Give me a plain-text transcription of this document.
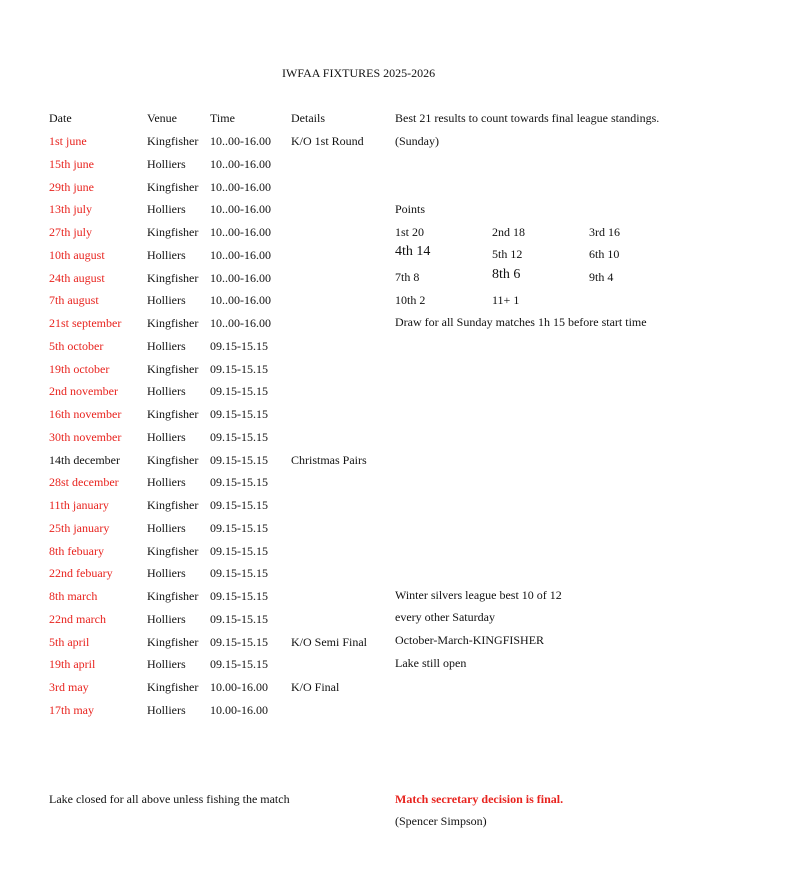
IWFAA FIXTURES 2025-2026
Date	Venue	Time	Details
1st june	Kingfisher 10..00-16.00 K/O 1st Round
15th june	Holliers 10..00-16.00
29th june	Kingfisher 10..00-16.00
13th july	Holliers 10..00-16.00
27th july	Kingfisher 10..00-16.00
10th august	Holliers 10..00-16.00
24th august	Kingfisher 10..00-16.00
7th august	Holliers 10..00-16.00
21st september Kingfisher 10..00-16.00
5th october	Holliers 09.15-15.15
19th october	Kingfisher 09.15-15.15
2nd november Holliers 09.15-15.15
16th november Kingfisher 09.15-15.15
30th november Holliers 09.15-15.15
14th december Kingfisher 09.15-15.15 Christmas Pairs
28st december Holliers 09.15-15.15
11th january	Kingfisher 09.15-15.15
25th january	Holliers 09.15-15.15
8th febuary	Kingfisher 09.15-15.15
22nd febuary	Holliers 09.15-15.15
8th march	Kingfisher 09.15-15.15
22nd march	Holliers 09.15-15.15
5th april	Kingfisher 09.15-15.15 K/O Semi Final
19th april	Holliers 09.15-15.15
3rd may	Kingfisher 10.00-16.00 K/O Final
17th may	Holliers 10.00-16.00
Best 21 results to count towards final league standings.
(Sunday)
Points
1st 20	2nd 18	3rd 16
4th 14	5th 12	6th 10
7th 8	8th 6	9th 4
10th 2	11+ 1
Draw for all Sunday matches 1h 15 before start time
Winter silvers league best 10 of 12
every other Saturday
October-March-KINGFISHER
Lake still open
Lake closed for all above unless fishing the match	Match secretary decision is final.
(Spencer Simpson)
